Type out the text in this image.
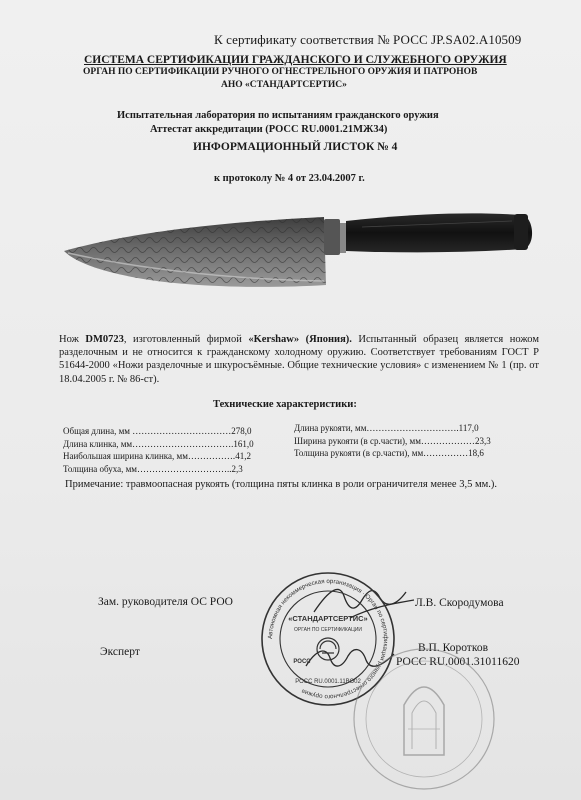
К сертификату соответствия № РОСС JP.SA02.A10509
СИСТЕМА СЕРТИФИКАЦИИ ГРАЖДАНСКОГО И СЛУЖЕБНОГО ОРУЖИЯ
ОРГАН ПО СЕРТИФИКАЦИИ РУЧНОГО ОГНЕСТРЕЛЬНОГО ОРУЖИЯ И ПАТРОНОВ
АНО «СТАНДАРТСЕРТИС»
Испытательная лаборатория по испытаниям гражданского оружия
Аттестат аккредитации (РОСС RU.0001.21МЖ34)
ИНФОРМАЦИОННЫЙ ЛИСТОК № 4
к протоколу № 4 от 23.04.2007 г.

Нож DM0723, изготовленный фирмой «Kershaw» (Япония). Испытанный образец является ножом разделочным и не относится к гражданскому холодному оружию. Соответствует требованиям ГОСТ Р 51644-2000 «Ножи разделочные и шкуросъёмные. Общие технические условия» с изменением № 1 (пр. от 18.04.2005 г. № 86-ст).

Технические характеристики:
Общая длина, мм ……………………………278,0
Длина клинка, мм…………………………….161,0
Наибольшая ширина клинка, мм…………….41,2
Толщина обуха, мм…………………………..2,3
Длина рукояти, мм………………………….117,0
Ширина рукояти (в ср.части), мм………………23,3
Толщина рукояти (в ср.части), мм……………18,6
Примечание: травмоопасная рукоять (толщина пяты клинка в роли ограничителя менее 3,5 мм.).
Зам. руководителя ОС РОО	Л.В. Скородумова
Эксперт	В.П. Коротков
РОСС RU.0001.31011620
Автономная некоммерческая организация · Орган по сертификации ручного огнестрельного оружия
«СТАНДАРТСЕРТИС»
ОРГАН ПО СЕРТИФИКАЦИИ
РОСС
РОСС RU.0001.11ВО02
